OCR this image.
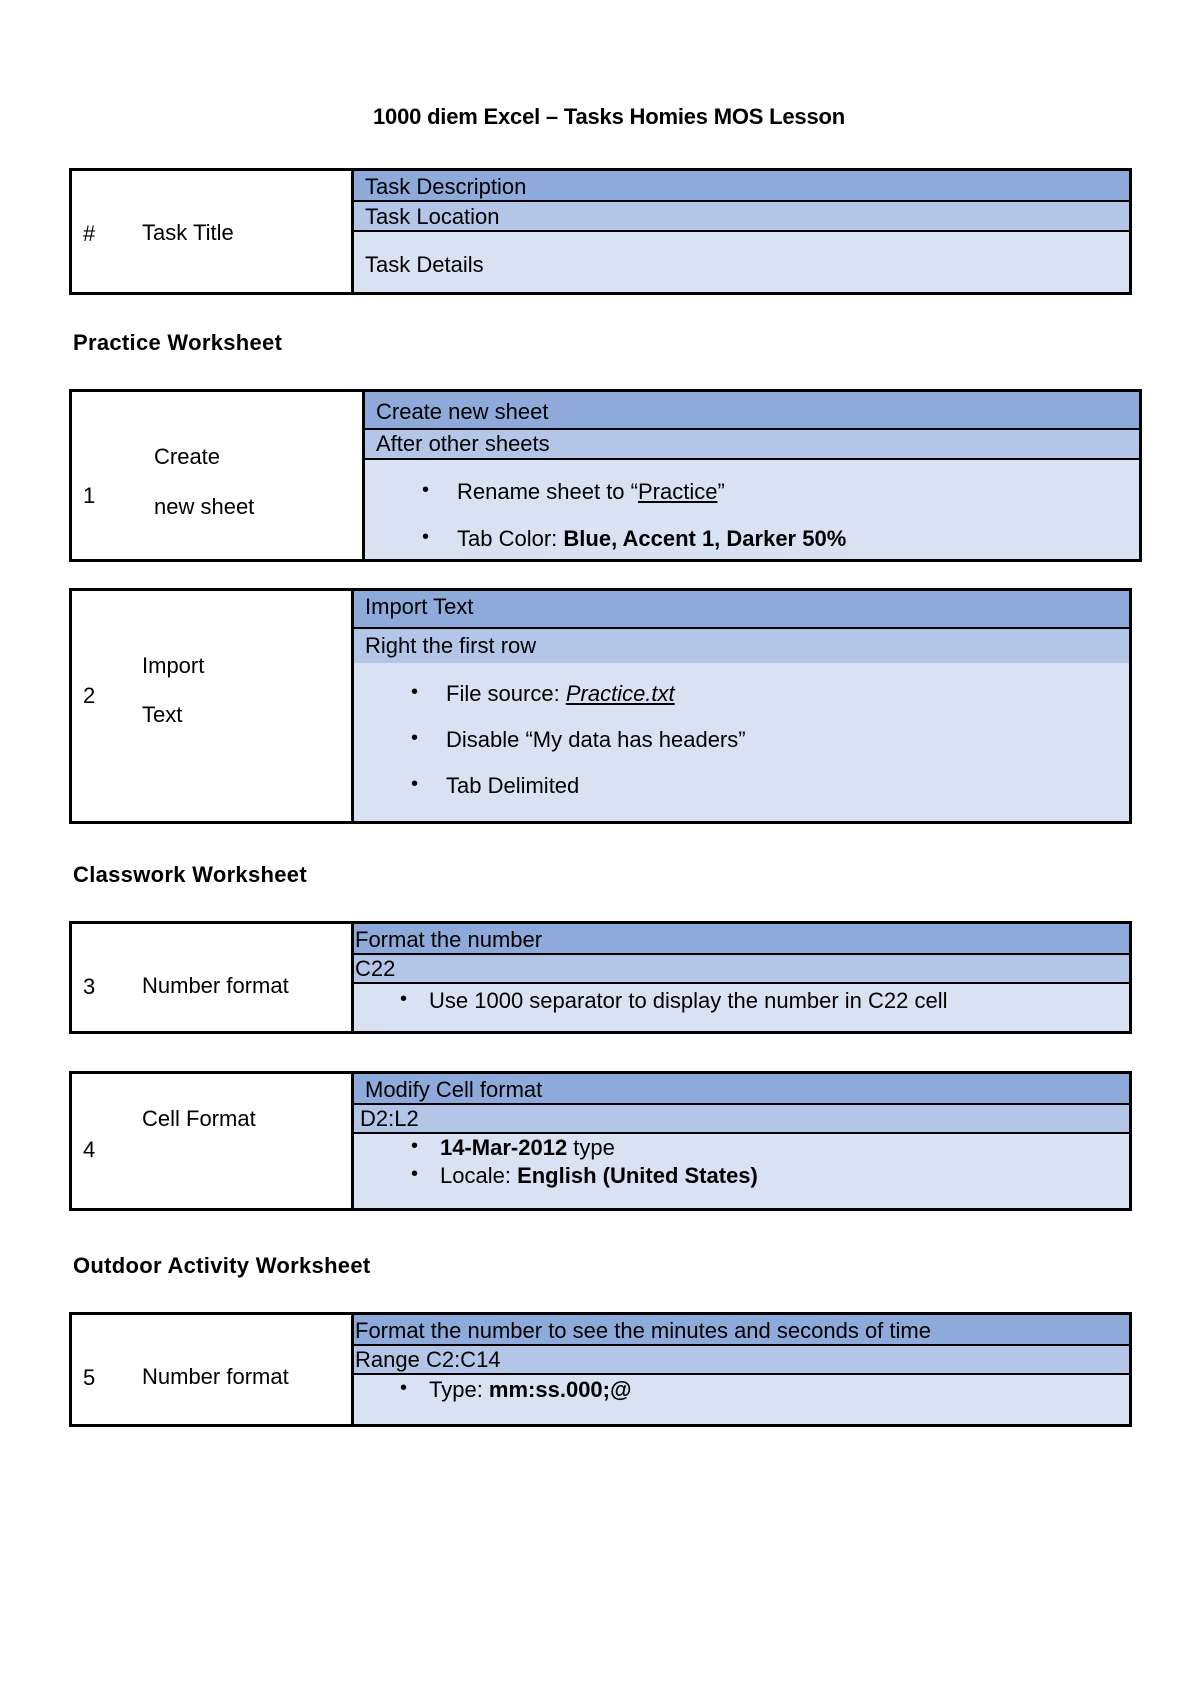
1000 diem Excel – Tasks Homies MOS Lesson
# Task Title
Task Description
Task Location
Task Details
Practice Worksheet
1
Create
new sheet
Create new sheet
After other sheets
• Rename sheet to “Practice”
• Tab Color: Blue, Accent 1, Darker 50%
2
Import
Text
Import Text
Right the first row
• File source: Practice.txt
• Disable “My data has headers”
• Tab Delimited
Classwork Worksheet
3 Number format
Format the number
C22
• Use 1000 separator to display the number in C22 cell
4
Cell Format
Modify Cell format
D2:L2
• 14-Mar-2012 type
• Locale: English (United States)
Outdoor Activity Worksheet
5 Number format
Format the number to see the minutes and seconds of time
Range C2:C14
• Type: mm:ss.000;@
